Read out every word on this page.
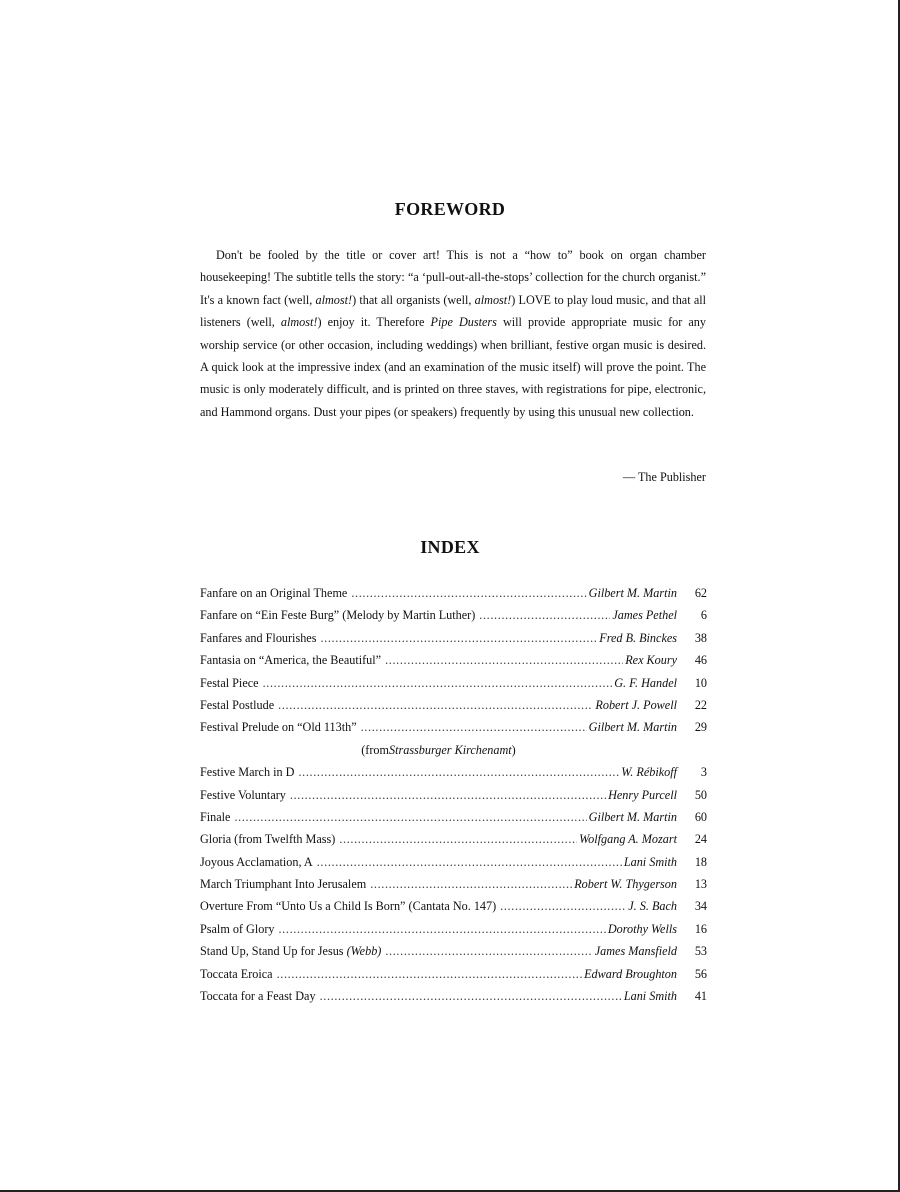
FOREWORD

Don't be fooled by the title or cover art! This is not a “how to” book on organ chamber housekeeping! The subtitle tells the story: “a ‘pull-out-all-the-stops’ collection for the church organist.” It's a known fact (well, almost!) that all organists (well, almost!) LOVE to play loud music, and that all listeners (well, almost!) enjoy it. Therefore Pipe Dusters will provide appropriate music for any worship service (or other occasion, including weddings) when brilliant, festive organ music is desired. A quick look at the impressive index (and an examination of the music itself) will prove the point. The music is only moderately difficult, and is printed on three staves, with registrations for pipe, electronic, and Hammond organs. Dust your pipes (or speakers) frequently by using this unusual new collection.

— The Publisher
INDEX
Fanfare on an Original Theme . . .	Gilbert M. Martin	62
Fanfare on “Ein Feste Burg” (Melody by Martin Luther) . . .	James Pethel	6
Fanfares and Flourishes . . .	Fred B. Binckes	38
Fantasia on “America, the Beautiful” . . .	Rex Koury	46
Festal Piece . . .	G. F. Handel	10
Festal Postlude . . .	Robert J. Powell	22
Festival Prelude on “Old 113th” . . .	Gilbert M. Martin	29
(from Strassburger Kirchenamt )
Festive March in D . . .	W. Rébikoff	3
Festive Voluntary . . .	Henry Purcell	50
Finale . . .	Gilbert M. Martin	60
Gloria (from Twelfth Mass) . . .	Wolfgang A. Mozart	24
Joyous Acclamation, A . . .	Lani Smith	18
March Triumphant Into Jerusalem . . .	Robert W. Thygerson	13
Overture From “Unto Us a Child Is Born” (Cantata No. 147) . . .	J. S. Bach	34
Psalm of Glory . . .	Dorothy Wells	16
Stand Up, Stand Up for Jesus (Webb) . . .	James Mansfield	53
Toccata Eroica . . .	Edward Broughton	56
Toccata for a Feast Day . . .	Lani Smith	41
